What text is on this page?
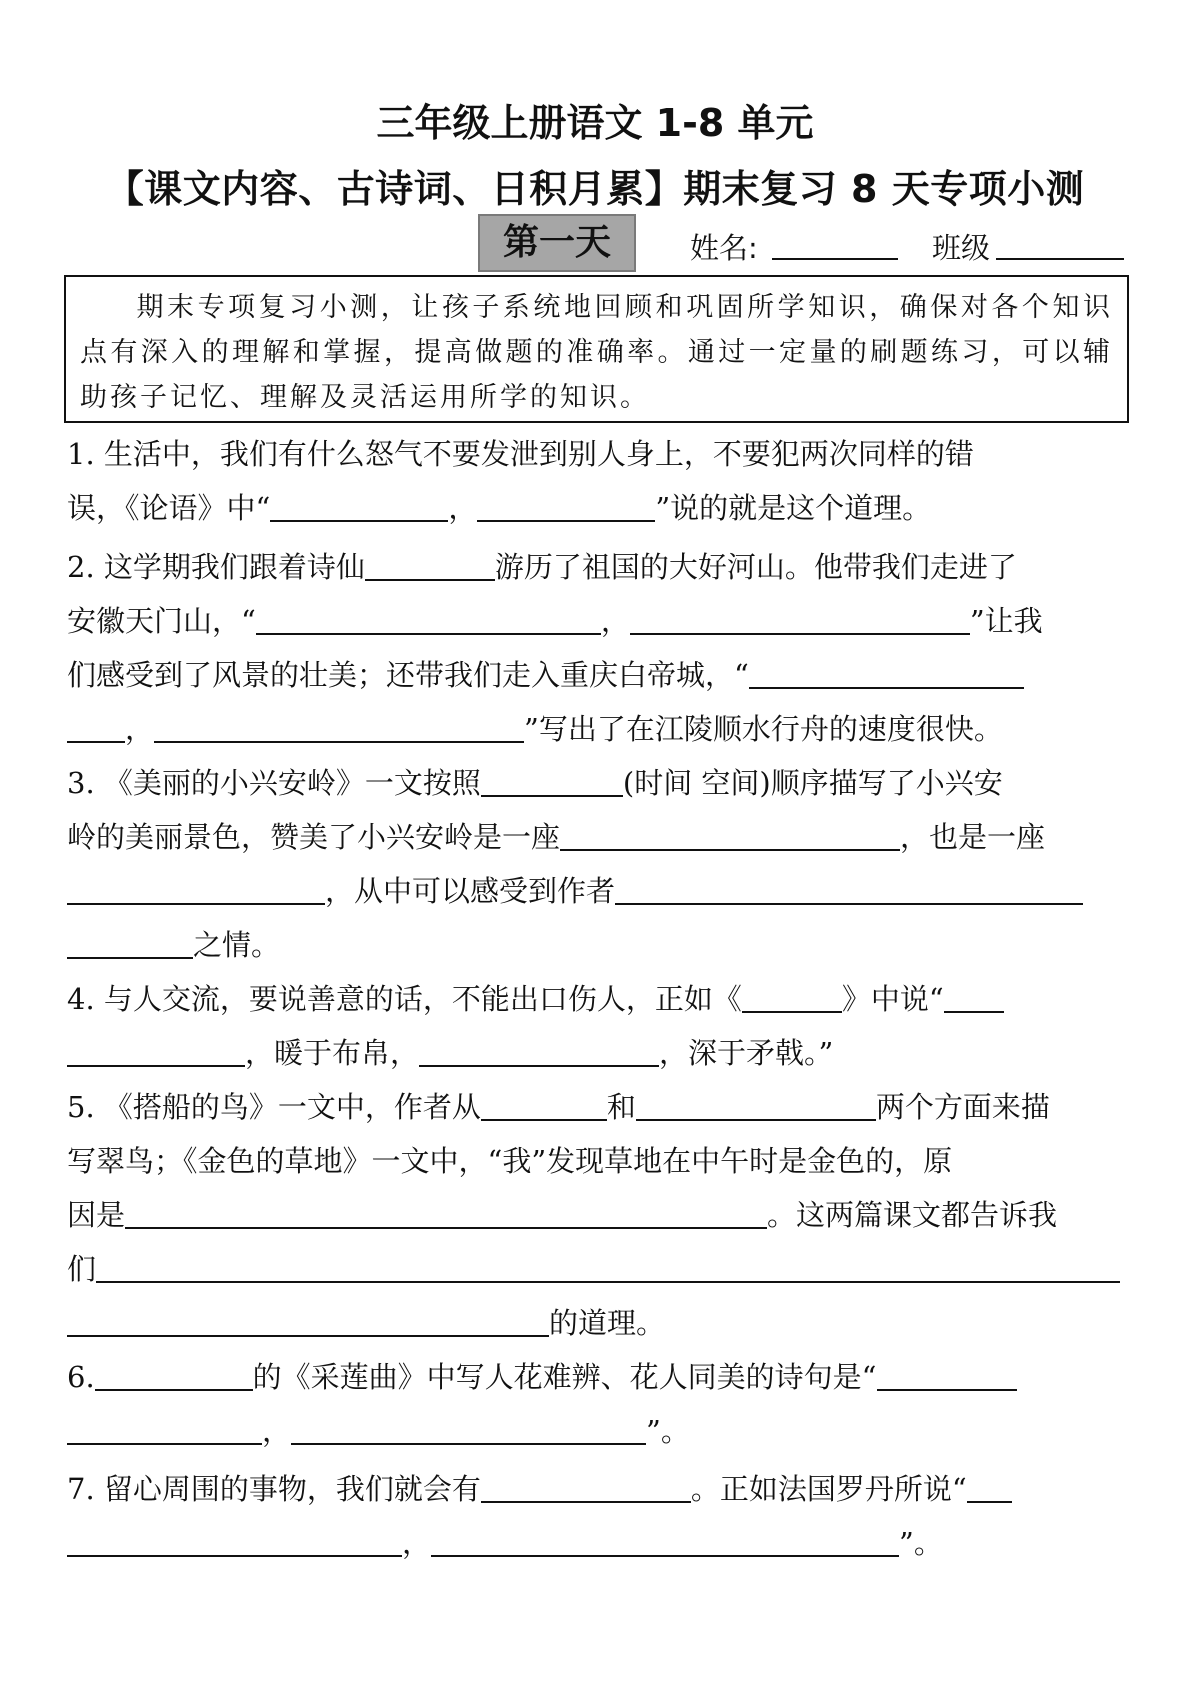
三年级上册语文 1-8 单元
【课文内容、古诗词、日积月累】期末复习 8 天专项小测
第一天	姓名:	班级
期末专项复习小测，让孩子系统地回顾和巩固所学知识，确保对各个知识点有深入的理解和掌握，提高做题的准确率。通过一定量的刷题练习，可以辅助孩子记忆、理解及灵活运用所学的知识。
1. 生活中，我们有什么怒气不要发泄到别人身上，不要犯两次同样的错
误，《论语》中“	，	”说的就是这个道理。
2. 这学期我们跟着诗仙	游历了祖国的大好河山。他带我们走进了
安徽天门山，“	，	”让我
们感受到了风景的壮美；还带我们走入重庆白帝城，“
，	”写出了在江陵顺水行舟的速度很快。
3. 《美丽的小兴安岭》一文按照	(时间 空间)顺序描写了小兴安
岭的美丽景色，赞美了小兴安岭是一座	，也是一座
，从中可以感受到作者
之情。
4. 与人交流，要说善意的话，不能出口伤人，正如《	》中说“
，暖于布帛，	，深于矛戟。”
5. 《搭船的鸟》一文中，作者从	和	两个方面来描
写翠鸟；《金色的草地》一文中，“我”发现草地在中午时是金色的，原
因是	。这两篇课文都告诉我
们
的道理。
6.	的《采莲曲》中写人花难辨、花人同美的诗句是“
，	”。
7. 留心周围的事物，我们就会有	。正如法国罗丹所说“
，	”。
